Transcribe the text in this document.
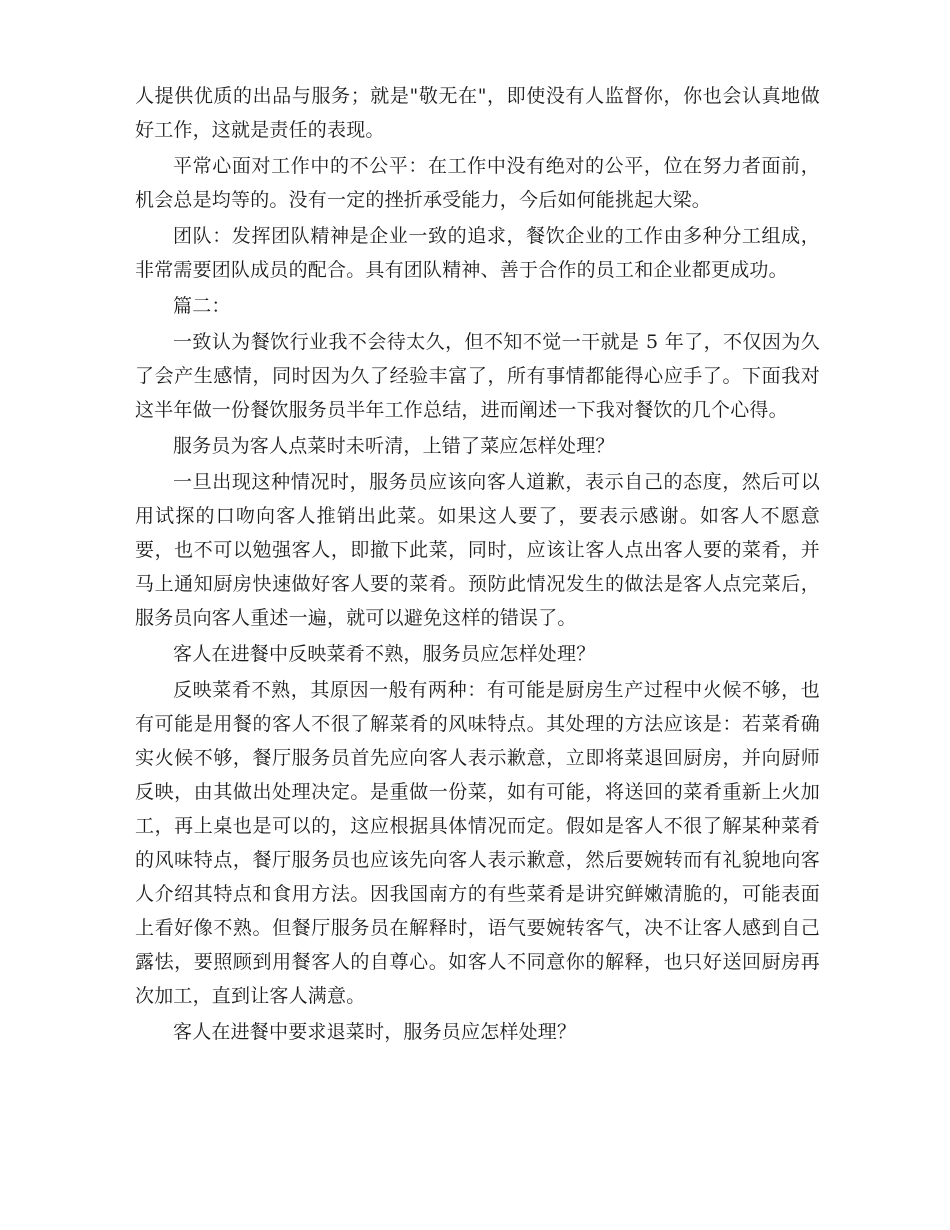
人提供优质的出品与服务；就是"敬无在"，即使没有人监督你，你也会认真地做好工作，这就是责任的表现。

平常心面对工作中的不公平：在工作中没有绝对的公平，位在努力者面前，机会总是均等的。没有一定的挫折承受能力，今后如何能挑起大梁。

团队：发挥团队精神是企业一致的追求，餐饮企业的工作由多种分工组成，非常需要团队成员的配合。具有团队精神、善于合作的员工和企业都更成功。

篇二：

一致认为餐饮行业我不会待太久，但不知不觉一干就是 5 年了，不仅因为久了会产生感情，同时因为久了经验丰富了，所有事情都能得心应手了。下面我对这半年做一份餐饮服务员半年工作总结，进而阐述一下我对餐饮的几个心得。

服务员为客人点菜时未听清，上错了菜应怎样处理？

一旦出现这种情况时，服务员应该向客人道歉，表示自己的态度，然后可以用试探的口吻向客人推销出此菜。如果这人要了，要表示感谢。如客人不愿意要，也不可以勉强客人，即撤下此菜，同时，应该让客人点出客人要的菜肴，并马上通知厨房快速做好客人要的菜肴。预防此情况发生的做法是客人点完菜后，服务员向客人重述一遍，就可以避免这样的错误了。

客人在进餐中反映菜肴不熟，服务员应怎样处理？

反映菜肴不熟，其原因一般有两种：有可能是厨房生产过程中火候不够，也有可能是用餐的客人不很了解菜肴的风味特点。其处理的方法应该是：若菜肴确实火候不够，餐厅服务员首先应向客人表示歉意，立即将菜退回厨房，并向厨师反映，由其做出处理决定。是重做一份菜，如有可能，将送回的菜肴重新上火加工，再上桌也是可以的，这应根据具体情况而定。假如是客人不很了解某种菜肴的风味特点，餐厅服务员也应该先向客人表示歉意，然后要婉转而有礼貌地向客人介绍其特点和食用方法。因我国南方的有些菜肴是讲究鲜嫩清脆的，可能表面上看好像不熟。但餐厅服务员在解释时，语气要婉转客气，决不让客人感到自己露怯，要照顾到用餐客人的自尊心。如客人不同意你的解释，也只好送回厨房再次加工，直到让客人满意。

客人在进餐中要求退菜时，服务员应怎样处理？
